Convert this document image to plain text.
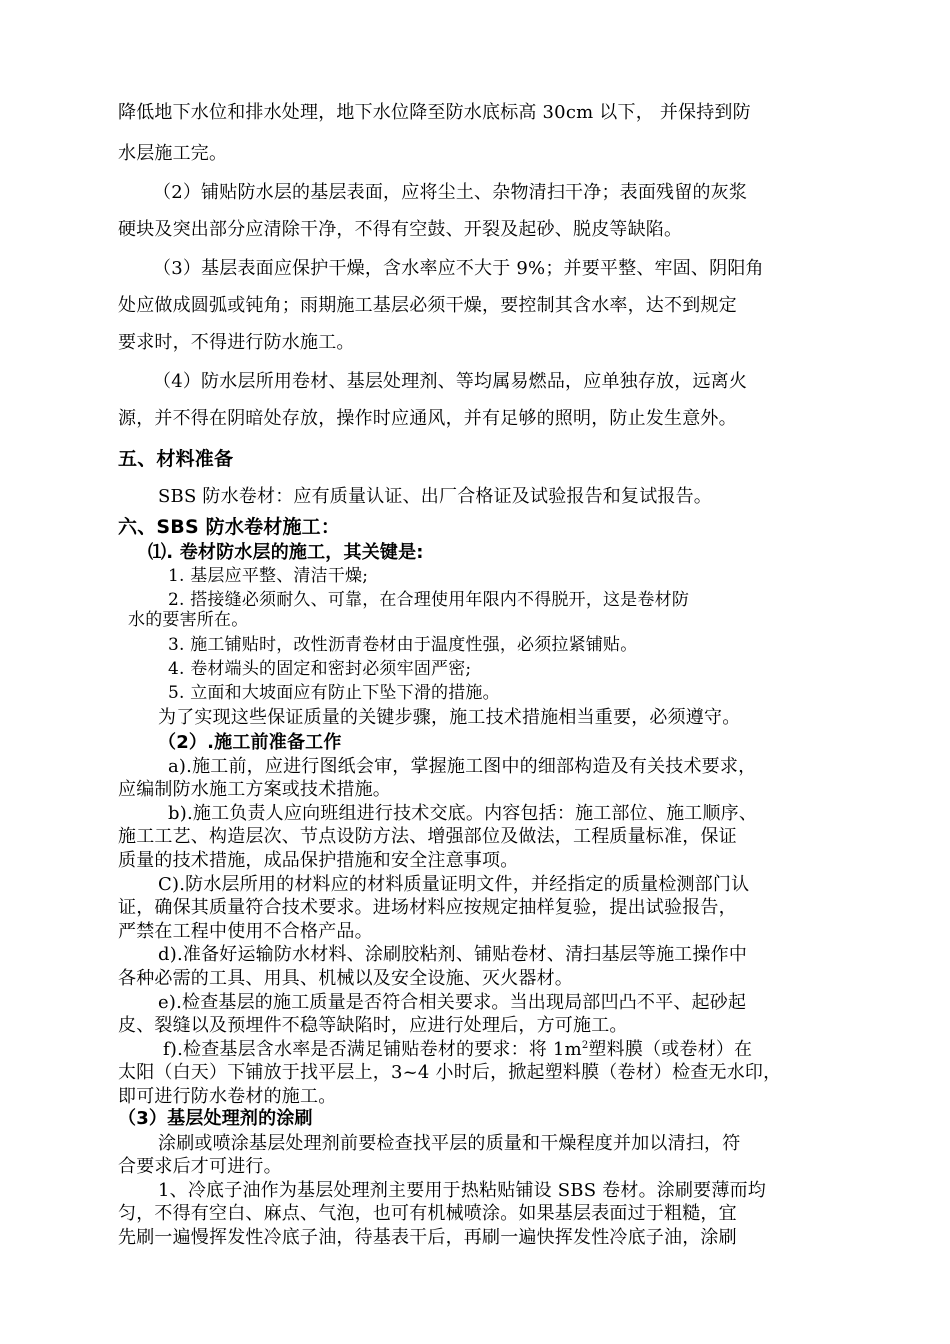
降低地下水位和排水处理，地下水位降至防水底标高 30cm 以下， 并保持到防
水层施工完。
（2）铺贴防水层的基层表面，应将尘土、杂物清扫干净；表面残留的灰浆
硬块及突出部分应清除干净，不得有空鼓、开裂及起砂、脱皮等缺陷。
（3）基层表面应保护干燥，含水率应不大于 9%；并要平整、牢固、阴阳角
处应做成圆弧或钝角；雨期施工基层必须干燥，要控制其含水率，达不到规定
要求时，不得进行防水施工。
（4）防水层所用卷材、基层处理剂、等均属易燃品，应单独存放，远离火
源，并不得在阴暗处存放，操作时应通风，并有足够的照明，防止发生意外。
五、材料准备
SBS 防水卷材：应有质量认证、出厂合格证及试验报告和复试报告。
六、SBS 防水卷材施工：
⑴. 卷材防水层的施工，其关键是:
1. 基层应平整、清洁干燥;
2. 搭接缝必须耐久、可靠，在合理使用年限内不得脱开，这是卷材防
水的要害所在。
3. 施工铺贴时，改性沥青卷材由于温度性强，必须拉紧铺贴。
4. 卷材端头的固定和密封必须牢固严密;
5. 立面和大坡面应有防止下坠下滑的措施。
为了实现这些保证质量的关键步骤，施工技术措施相当重要，必须遵守。
（2）.施工前准备工作
a).施工前，应进行图纸会审，掌握施工图中的细部构造及有关技术要求，
应编制防水施工方案或技术措施。
b).施工负责人应向班组进行技术交底。内容包括：施工部位、施工顺序、
施工工艺、构造层次、节点设防方法、增强部位及做法，工程质量标准，保证
质量的技术措施，成品保护措施和安全注意事项。
C).防水层所用的材料应的材料质量证明文件，并经指定的质量检测部门认
证，确保其质量符合技术要求。进场材料应按规定抽样复验，提出试验报告，
严禁在工程中使用不合格产品。
d).准备好运输防水材料、涂刷胶粘剂、铺贴卷材、清扫基层等施工操作中
各种必需的工具、用具、机械以及安全设施、灭火器材。
e).检查基层的施工质量是否符合相关要求。当出现局部凹凸不平、起砂起
皮、裂缝以及预埋件不稳等缺陷时，应进行处理后，方可施工。
f).检查基层含水率是否满足铺贴卷材的要求：将 $1m^2$塑料膜（或卷材）在
太阳（白天）下铺放于找平层上，3~4 小时后，掀起塑料膜（卷材）检查无水印，
即可进行防水卷材的施工。
（3）基层处理剂的涂刷
涂刷或喷涂基层处理剂前要检查找平层的质量和干燥程度并加以清扫，符
合要求后才可进行。
1、冷底子油作为基层处理剂主要用于热粘贴铺设 SBS 卷材。涂刷要薄而均
匀，不得有空白、麻点、气泡，也可有机械喷涂。如果基层表面过于粗糙，宜
先刷一遍慢挥发性冷底子油，待基表干后，再刷一遍快挥发性冷底子油，涂刷
